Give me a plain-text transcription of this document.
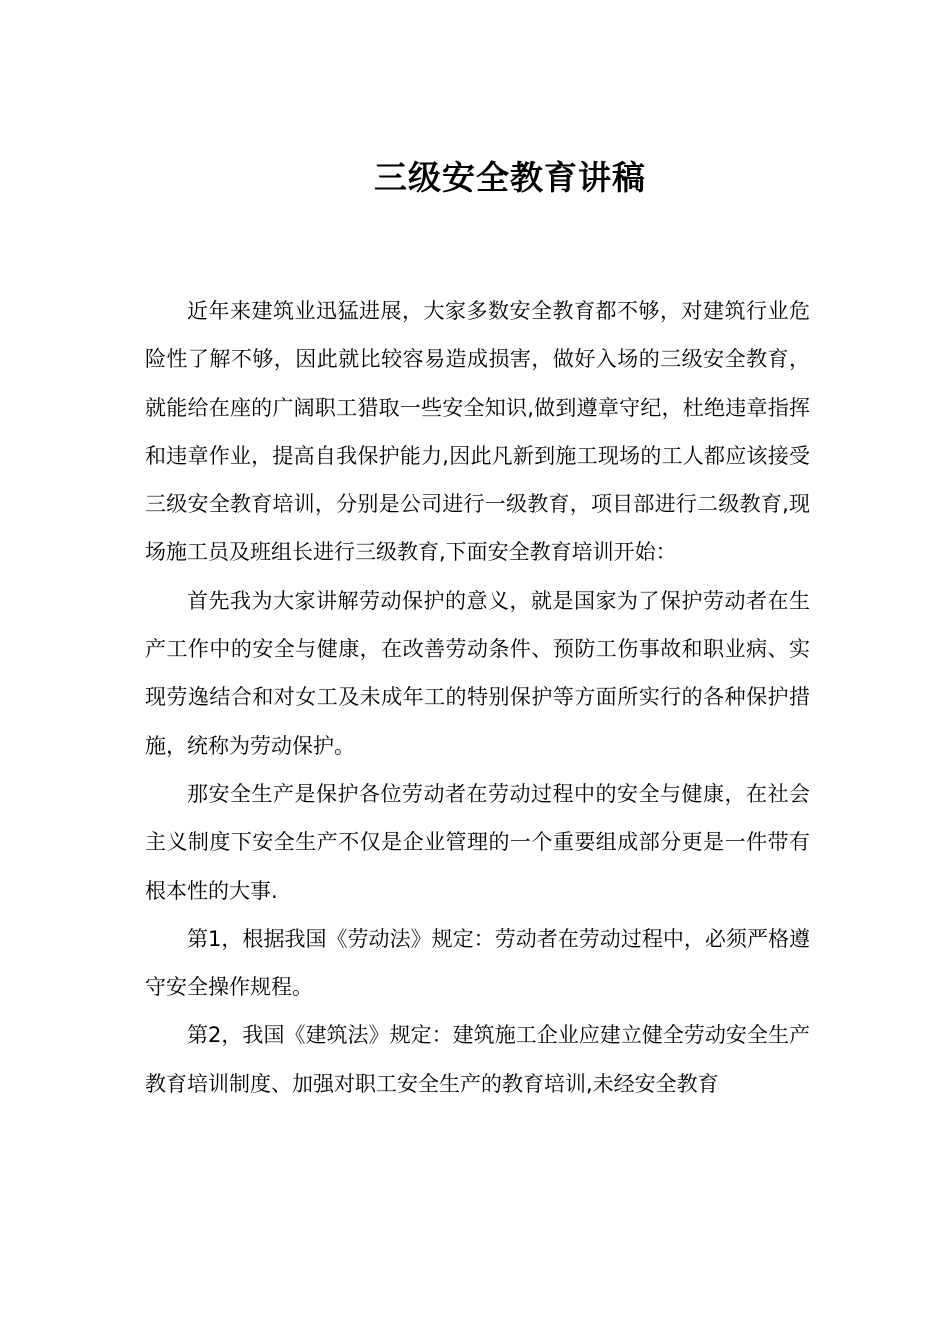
三级安全教育讲稿

近年来建筑业迅猛进展，大家多数安全教育都不够，对建筑行业危险性了解不够，因此就比较容易造成损害，做好入场的三级安全教育，就能给在座的广阔职工猎取一些安全知识,做到遵章守纪，杜绝违章指挥和违章作业，提高自我保护能力,因此凡新到施工现场的工人都应该接受三级安全教育培训，分别是公司进行一级教育，项目部进行二级教育,现场施工员及班组长进行三级教育,下面安全教育培训开始：

首先我为大家讲解劳动保护的意义，就是国家为了保护劳动者在生产工作中的安全与健康，在改善劳动条件、预防工伤事故和职业病、实现劳逸结合和对女工及未成年工的特别保护等方面所实行的各种保护措施，统称为劳动保护。

那安全生产是保护各位劳动者在劳动过程中的安全与健康，在社会主义制度下安全生产不仅是企业管理的一个重要组成部分更是一件带有根本性的大事.

第1，根据我国《劳动法》规定：劳动者在劳动过程中，必须严格遵守安全操作规程。

第2，我国《建筑法》规定：建筑施工企业应建立健全劳动安全生产教育培训制度、加强对职工安全生产的教育培训,未经安全教育
